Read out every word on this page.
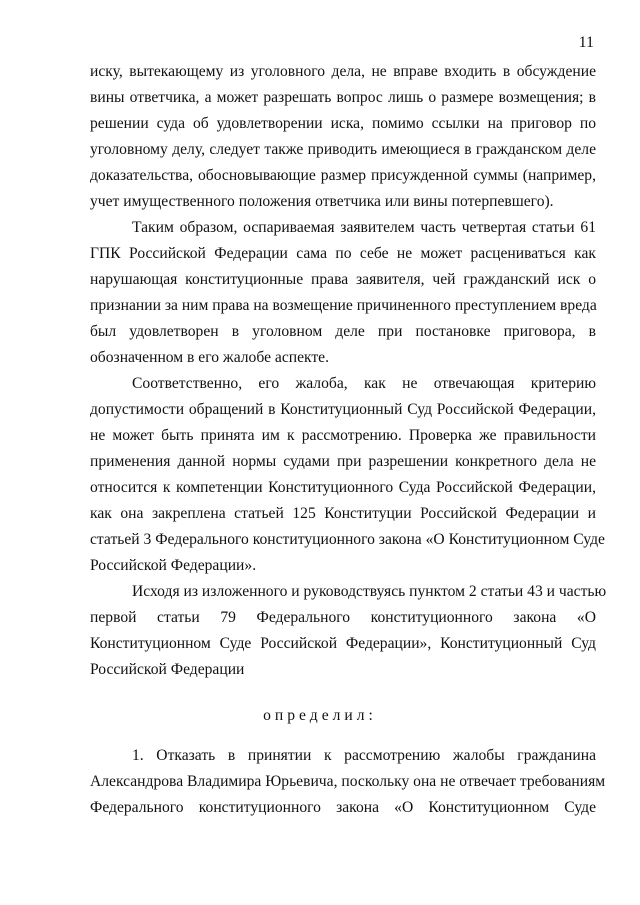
11
иску, вытекающему из уголовного дела, не вправе входить в обсуждение
вины ответчика, а может разрешать вопрос лишь о размере возмещения; в
решении суда об удовлетворении иска, помимо ссылки на приговор по
уголовному делу, следует также приводить имеющиеся в гражданском деле
доказательства, обосновывающие размер присужденной суммы (например,
учет имущественного положения ответчика или вины потерпевшего).
Таким образом, оспариваемая заявителем часть четвертая статьи 61
ГПК Российской Федерации сама по себе не может расцениваться как
нарушающая конституционные права заявителя, чей гражданский иск о
признании за ним права на возмещение причиненного преступлением вреда
был удовлетворен в уголовном деле при постановке приговора, в
обозначенном в его жалобе аспекте.
Соответственно, его жалоба, как не отвечающая критерию
допустимости обращений в Конституционный Суд Российской Федерации,
не может быть принята им к рассмотрению. Проверка же правильности
применения данной нормы судами при разрешении конкретного дела не
относится к компетенции Конституционного Суда Российской Федерации,
как она закреплена статьей 125 Конституции Российской Федерации и
статьей 3 Федерального конституционного закона «О Конституционном Суде
Российской Федерации».
Исходя из изложенного и руководствуясь пунктом 2 статьи 43 и частью
первой статьи 79 Федерального конституционного закона «О
Конституционном Суде Российской Федерации», Конституционный Суд
Российской Федерации
определил:
1. Отказать в принятии к рассмотрению жалобы гражданина
Александрова Владимира Юрьевича, поскольку она не отвечает требованиям
Федерального конституционного закона «О Конституционном Суде
